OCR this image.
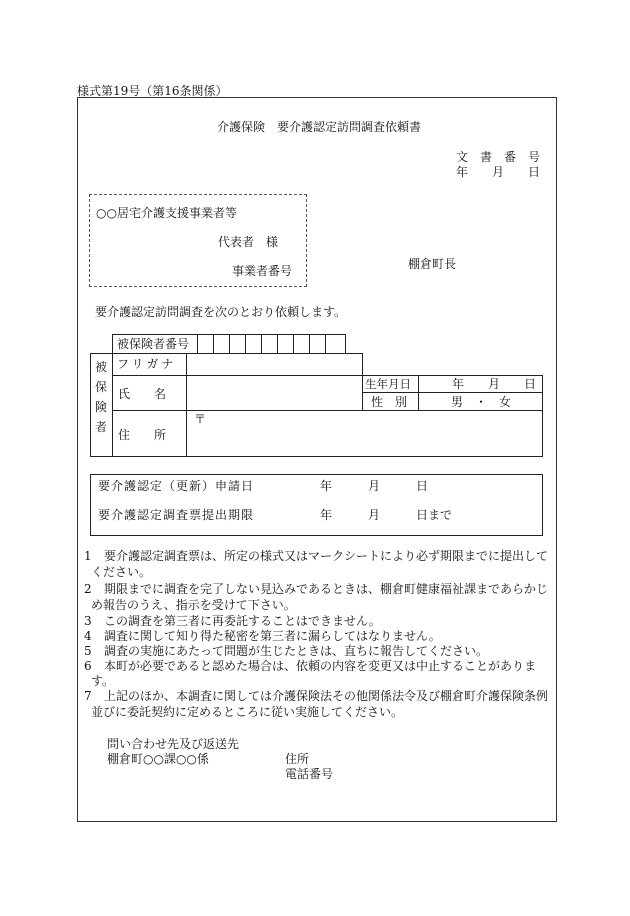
様式第19号（第16条関係）
介護保険　要介護認定訪問調査依頼書
文　書　番　号
年　　月　　日
○○居宅介護支援事業者等
代表者　様
事業者番号	棚倉町長
要介護認定訪問調査を次のとおり依頼します。
被
保
険
者
被保険者番号
フリガナ
氏　　名
住　　所
〒
生年月日	年　　月　　日
性　別	男　・　女
要介護認定（更新）申請日	年　　　月　　　日
要介護認定調査票提出期限	年　　　月　　　日まで
1 要介護認定調査票は、所定の様式又はマークシートにより必ず期限までに提出して
ください。
2 期限までに調査を完了しない見込みであるときは、棚倉町健康福祉課まであらかじ
め報告のうえ、指示を受けて下さい。
3 この調査を第三者に再委託することはできません。
4 調査に関して知り得た秘密を第三者に漏らしてはなりません。
5 調査の実施にあたって問題が生じたときは、直ちに報告してください。
6 本町が必要であると認めた場合は、依頼の内容を変更又は中止することがありま
す。
7 上記のほか、本調査に関しては介護保険法その他関係法令及び棚倉町介護保険条例
並びに委託契約に定めるところに従い実施してください。
問い合わせ先及び返送先
棚倉町○○課○○係	住所
電話番号
